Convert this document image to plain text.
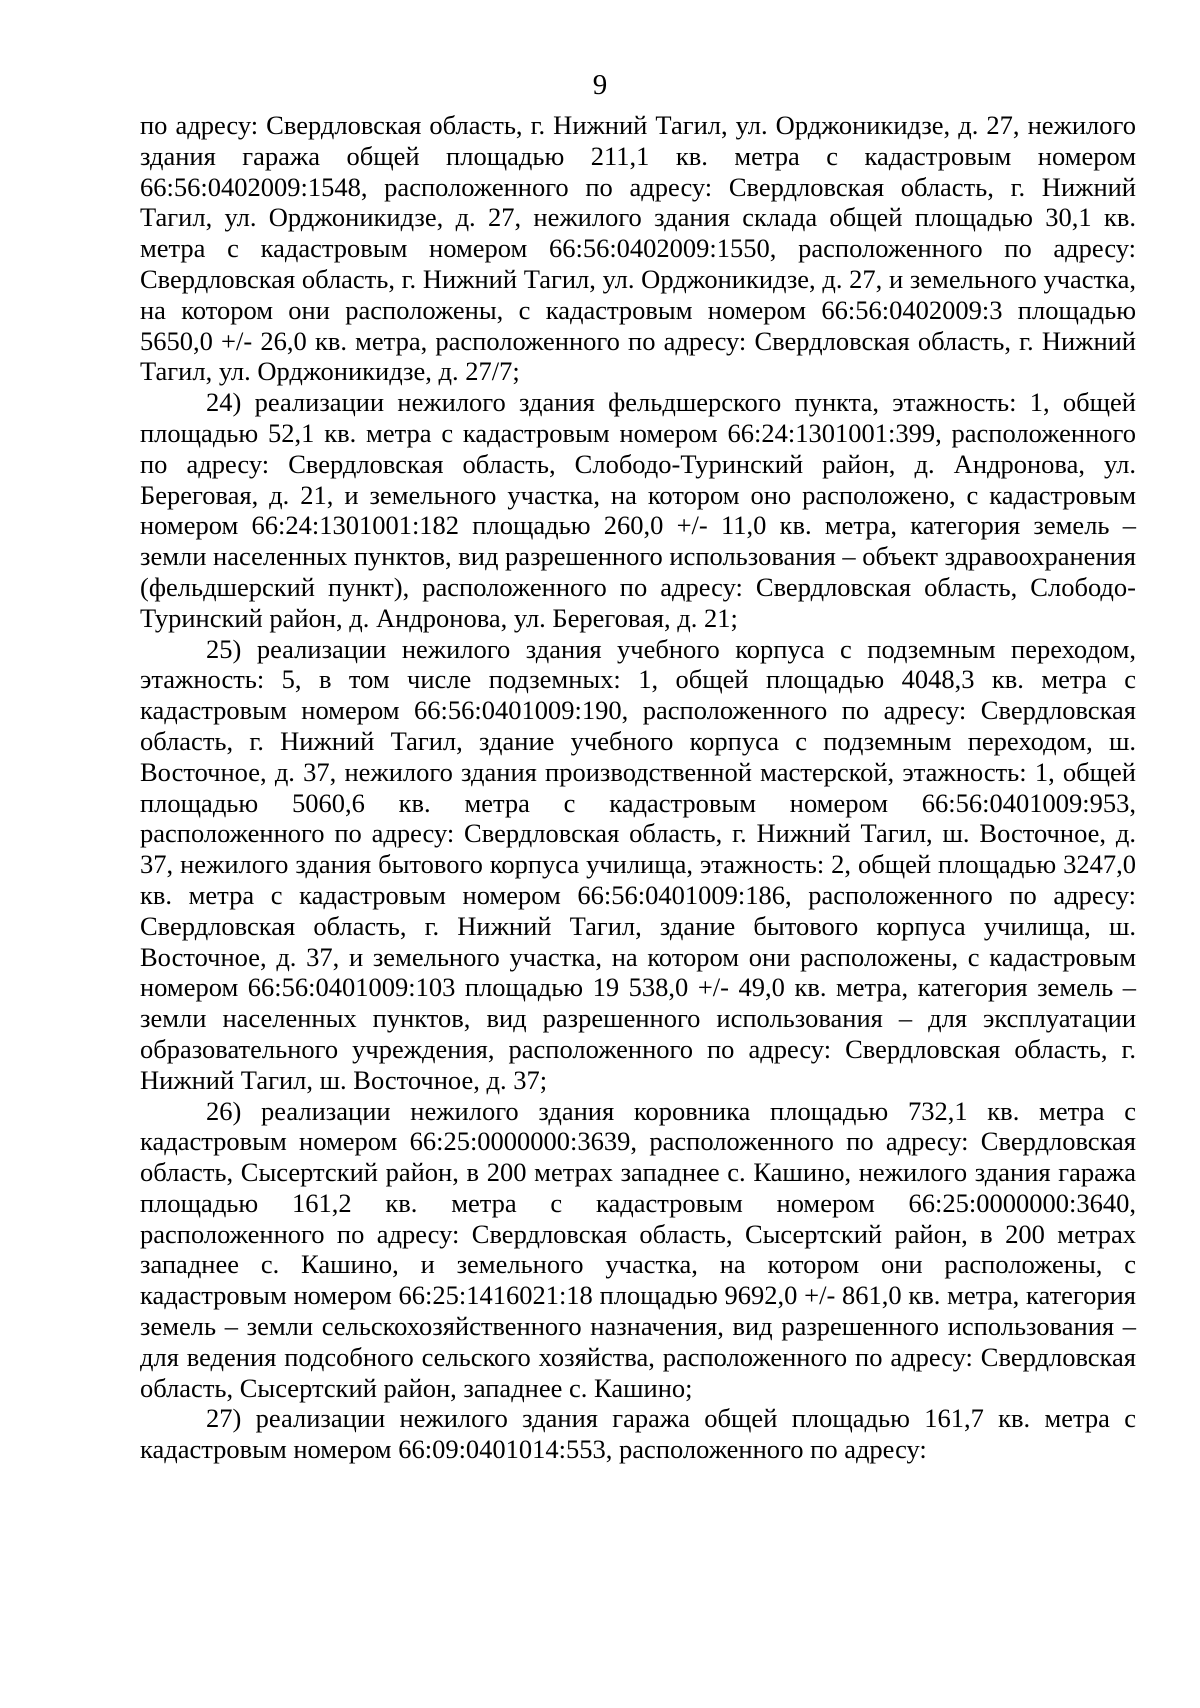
9

по адресу: Свердловская область, г. Нижний Тагил, ул. Орджоникидзе, д. 27, нежилого здания гаража общей площадью 211,1 кв. метра с кадастровым номером 66:56:0402009:1548, расположенного по адресу: Свердловская область, г. Нижний Тагил, ул. Орджоникидзе, д. 27, нежилого здания склада общей площадью 30,1 кв. метра с кадастровым номером 66:56:0402009:1550, расположенного по адресу: Свердловская область, г. Нижний Тагил, ул. Орджоникидзе, д. 27, и земельного участка, на котором они расположены, с кадастровым номером 66:56:0402009:3 площадью 5650,0 +/- 26,0 кв. метра, расположенного по адресу: Свердловская область, г. Нижний Тагил, ул. Орджоникидзе, д. 27/7;

24) реализации нежилого здания фельдшерского пункта, этажность: 1, общей площадью 52,1 кв. метра с кадастровым номером 66:24:1301001:399, расположенного по адресу: Свердловская область, Слободо-Туринский район, д. Андронова, ул. Береговая, д. 21, и земельного участка, на котором оно расположено, с кадастровым номером 66:24:1301001:182 площадью 260,0 +/- 11,0 кв. метра, категория земель – земли населенных пунктов, вид разрешенного использования – объект здравоохранения (фельдшерский пункт), расположенного по адресу: Свердловская область, Слободо-Туринский район, д. Андронова, ул. Береговая, д. 21;

25) реализации нежилого здания учебного корпуса с подземным переходом, этажность: 5, в том числе подземных: 1, общей площадью 4048,3 кв. метра с кадастровым номером 66:56:0401009:190, расположенного по адресу: Свердловская область, г. Нижний Тагил, здание учебного корпуса с подземным переходом, ш. Восточное, д. 37, нежилого здания производственной мастерской, этажность: 1, общей площадью 5060,6 кв. метра с кадастровым номером 66:56:0401009:953, расположенного по адресу: Свердловская область, г. Нижний Тагил, ш. Восточное, д. 37, нежилого здания бытового корпуса училища, этажность: 2, общей площадью 3247,0 кв. метра с кадастровым номером 66:56:0401009:186, расположенного по адресу: Свердловская область, г. Нижний Тагил, здание бытового корпуса училища, ш. Восточное, д. 37, и земельного участка, на котором они расположены, с кадастровым номером 66:56:0401009:103 площадью 19 538,0 +/- 49,0 кв. метра, категория земель – земли населенных пунктов, вид разрешенного использования – для эксплуатации образовательного учреждения, расположенного по адресу: Свердловская область, г. Нижний Тагил, ш. Восточное, д. 37;

26) реализации нежилого здания коровника площадью 732,1 кв. метра с кадастровым номером 66:25:0000000:3639, расположенного по адресу: Свердловская область, Сысертский район, в 200 метрах западнее с. Кашино, нежилого здания гаража площадью 161,2 кв. метра с кадастровым номером 66:25:0000000:3640, расположенного по адресу: Свердловская область, Сысертский район, в 200 метрах западнее с. Кашино, и земельного участка, на котором они расположены, с кадастровым номером 66:25:1416021:18 площадью 9692,0 +/- 861,0 кв. метра, категория земель – земли сельскохозяйственного назначения, вид разрешенного использования – для ведения подсобного сельского хозяйства, расположенного по адресу: Свердловская область, Сысертский район, западнее с. Кашино;

27) реализации нежилого здания гаража общей площадью 161,7 кв. метра с кадастровым номером 66:09:0401014:553, расположенного по адресу:
